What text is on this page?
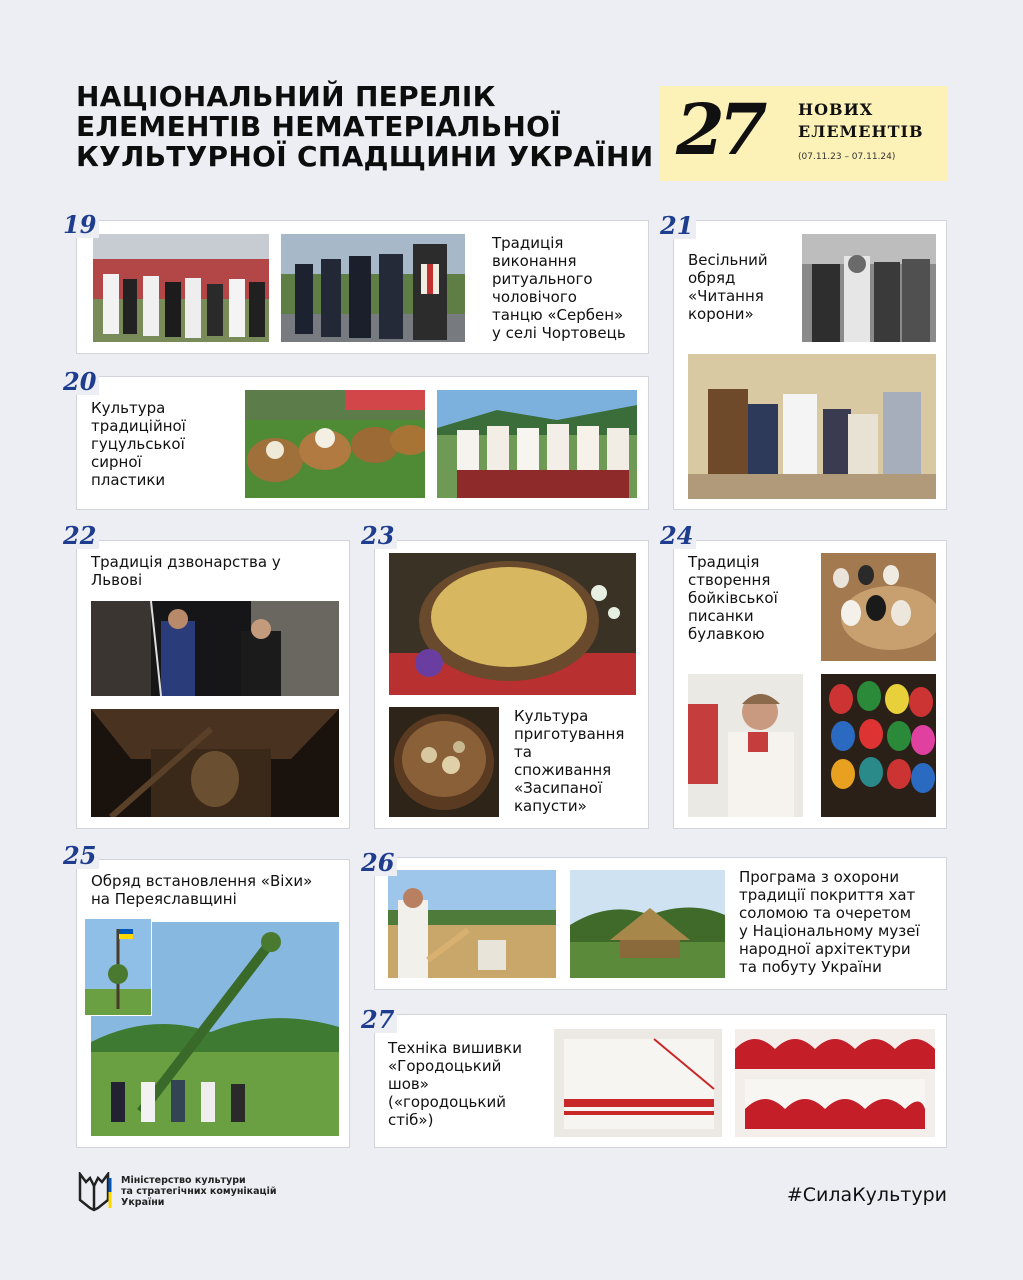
НАЦІОНАЛЬНИЙ ПЕРЕЛІК
ЕЛЕМЕНТІВ НЕМАТЕРІАЛЬНОЇ
КУЛЬТУРНОЇ СПАДЩИНИ УКРАЇНИ 27 НОВИХ
ЕЛЕМЕНТІВ
(07.11.23 – 07.11.24)
Традиція
виконання
ритуального
чоловічого
танцю «Сербен»
у селі Чортовець
19
Культура
традиційної
гуцульської
сирної
пластики
20
Весільний
обряд
«Читання
корони»
21
Традиція дзвонарства у
Львові
22
Культура
приготування
та
споживання
«Засипаної
капусти»
23
Традиція
створення
бойківської
писанки
булавкою
24
Обряд встановлення «Віхи»
на Переяславщині
25
Програма з охорони
традиції покриття хат
соломою та очеретом
у Національному музеї
народної архітектури
та побуту України
26
Техніка вишивки
«Городоцький
шов»
(«городоцький
стіб»)
27
Міністерство культури
та стратегічних комунікацій
України	#СилаКультури
